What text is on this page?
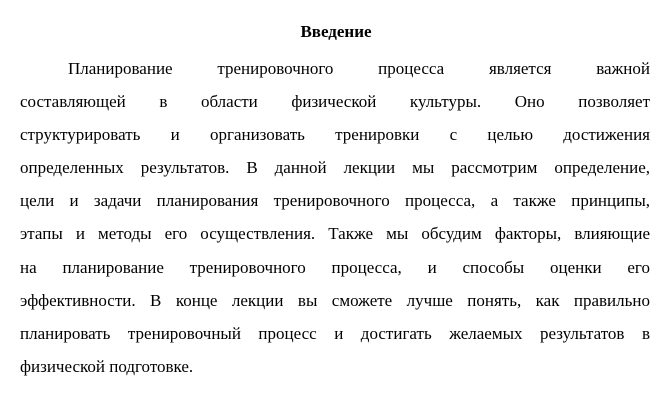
Введение
Планирование тренировочного процесса является важной
составляющей в области физической культуры. Оно позволяет
структурировать и организовать тренировки с целью достижения
определенных результатов. В данной лекции мы рассмотрим определение,
цели и задачи планирования тренировочного процесса, а также принципы,
этапы и методы его осуществления. Также мы обсудим факторы, влияющие
на планирование тренировочного процесса, и способы оценки его
эффективности. В конце лекции вы сможете лучше понять, как правильно
планировать тренировочный процесс и достигать желаемых результатов в
физической подготовке.
